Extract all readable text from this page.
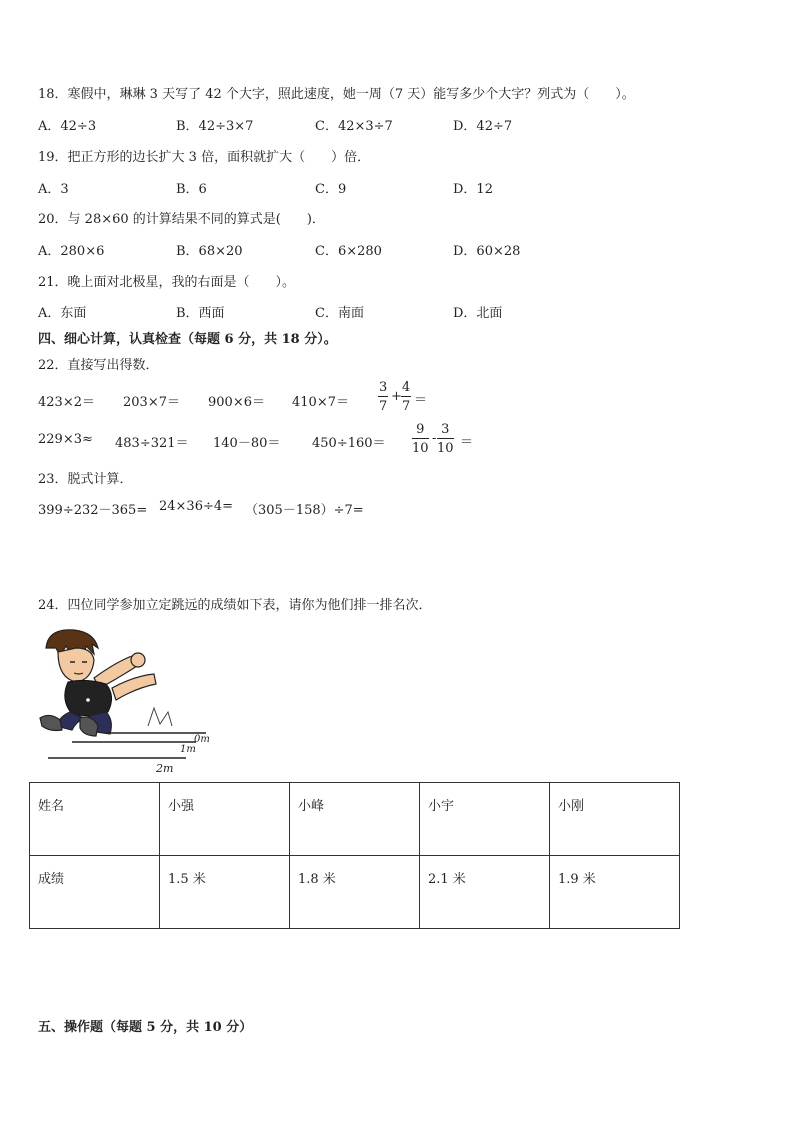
18．寒假中，琳琳 3 天写了 42 个大字，照此速度，她一周（7 天）能写多少个大字？列式为（　　）。
A．42÷3	B．42÷3×7	C．42×3÷7	D．42÷7
19．把正方形的边长扩大 3 倍，面积就扩大（　　）倍．
A．3	B．6	C．9	D．12
20．与 28×60 的计算结果不同的算式是(　　)．
A．280×6	B．68×20	C．6×280	D．60×28
21．晚上面对北极星，我的右面是（　　）。
A．东面	B．西面	C．南面	D．北面
四、细心计算，认真检查（每题 6 分，共 18 分）。
22．直接写出得数．
$423\times 2= 203\times 7= 900\times 6= 410\times 7= \frac{3}{7} + \frac{4}{7}$ ＝
$229\times 3\approx 483\div 321= 140-80= 450\div 160= \frac{9}{10} - \frac{3}{10}$ ＝
23．脱式计算．
399÷232－365= 24×36÷4= （305－158）÷7=
24．四位同学参加立定跳远的成绩如下表，请你为他们排一排名次．
0m
1m
2m
姓名	小强	小峰	小宇	小刚
成绩	1.5 米	1.8 米	2.1 米	1.9 米
五、操作题（每题 5 分，共 10 分）
